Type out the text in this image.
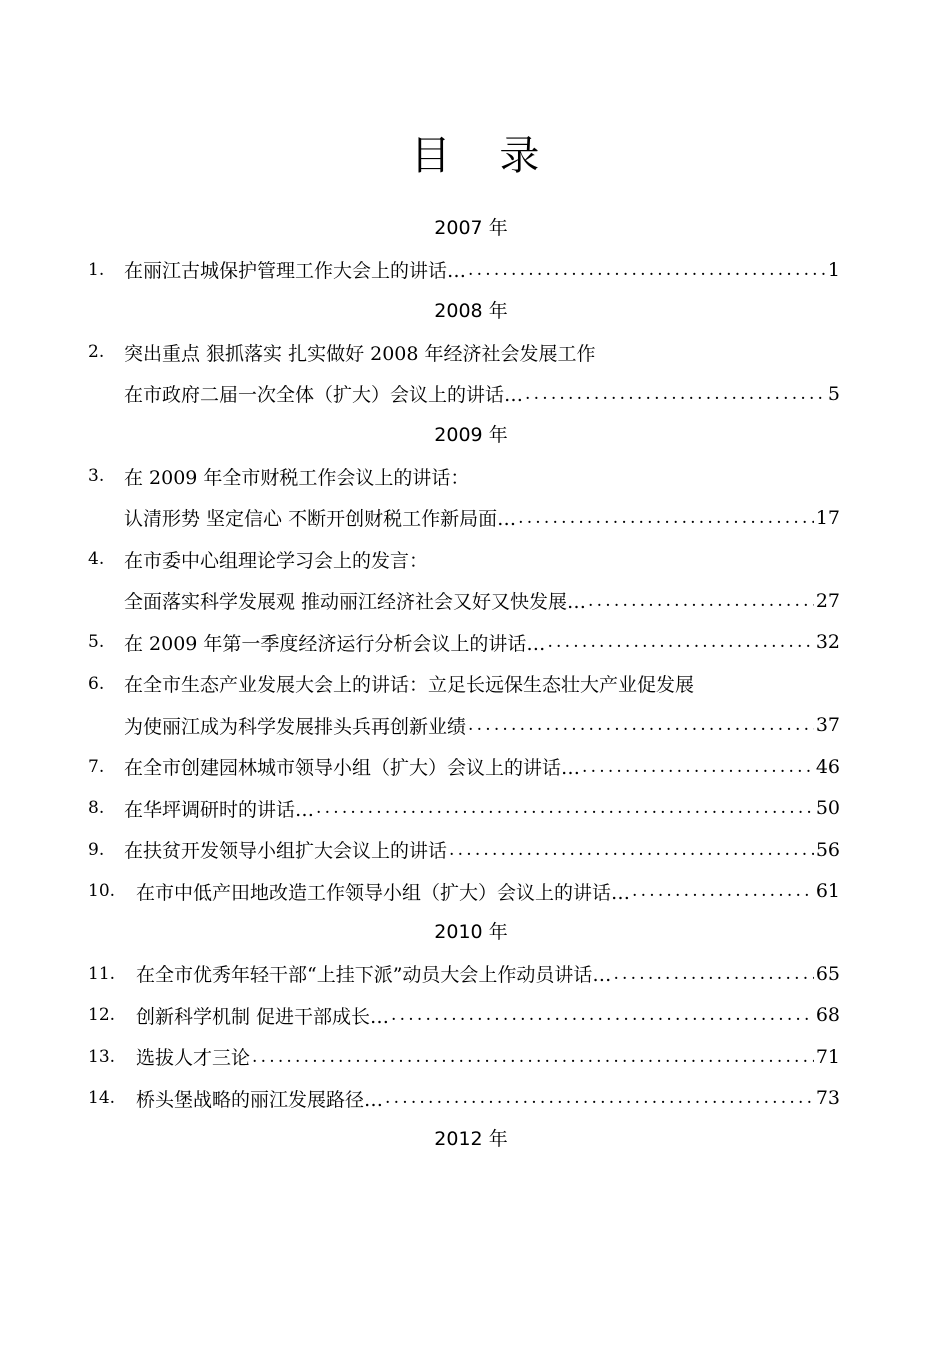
目 录
2007 年
1.	在丽江古城保护管理工作大会上的讲话… .....	1
2008 年
2.	突出重点 狠抓落实 扎实做好 2008 年经济社会发展工作
在市政府二届一次全体（扩大）会议上的讲话… .....	5
2009 年
3.	在 2009 年全市财税工作会议上的讲话：
认清形势 坚定信心 不断开创财税工作新局面… .....	17
4.	在市委中心组理论学习会上的发言：
全面落实科学发展观 推动丽江经济社会又好又快发展… .....	27
5.	在 2009 年第一季度经济运行分析会议上的讲话… .....	32
6.	在全市生态产业发展大会上的讲话：立足长远保生态壮大产业促发展
为使丽江成为科学发展排头兵再创新业绩 .....	37
7.	在全市创建园林城市领导小组（扩大）会议上的讲话… .....	46
8.	在华坪调研时的讲话… .....	50
9.	在扶贫开发领导小组扩大会议上的讲话 .....	56
10.	在市中低产田地改造工作领导小组（扩大）会议上的讲话… .....	61
2010 年
11.	在全市优秀年轻干部“上挂下派”动员大会上作动员讲话… .....	65
12.	创新科学机制 促进干部成长… .....	68
13.	选拔人才三论 .....	71
14.	桥头堡战略的丽江发展路径… .....	73
2012 年
